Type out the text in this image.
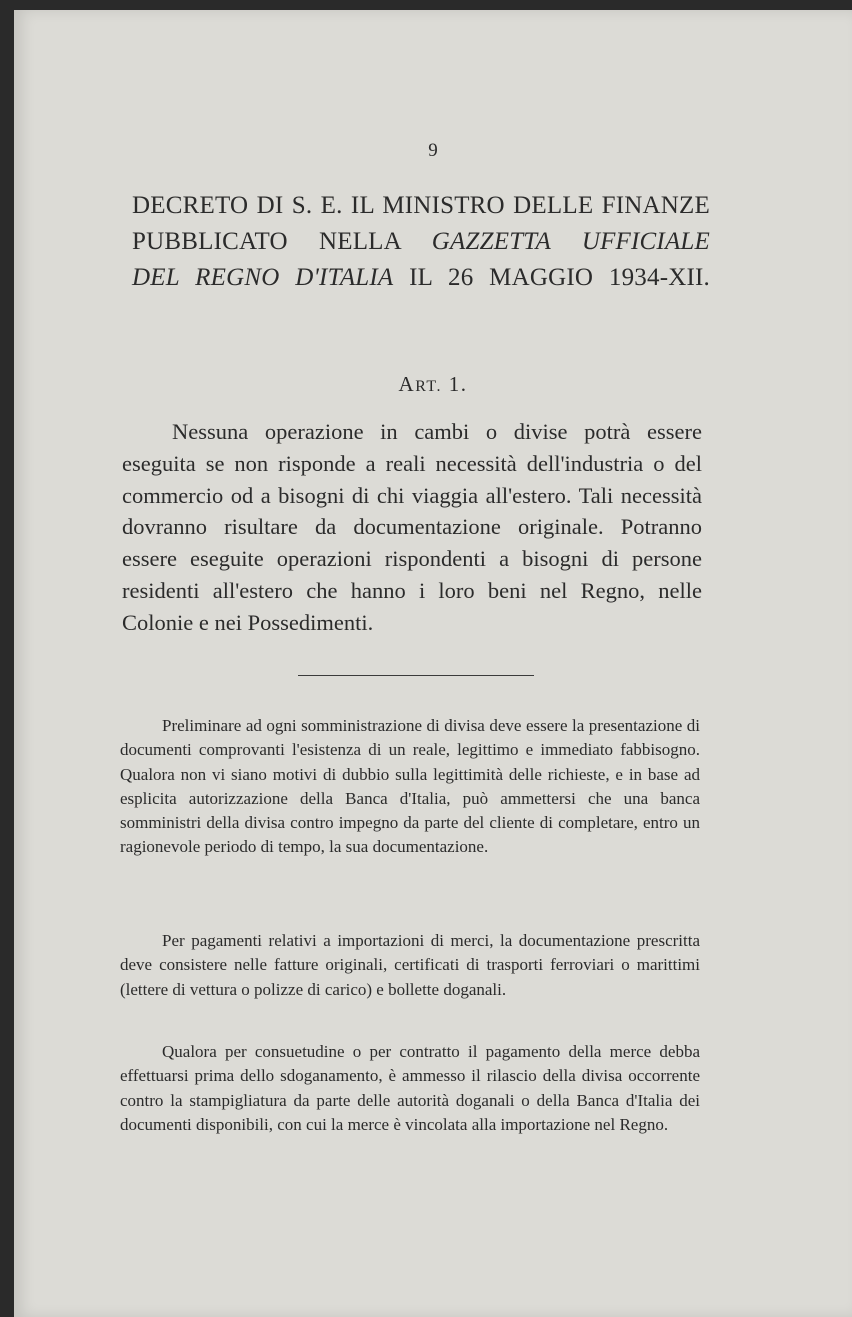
9

DECRETO DI S. E. IL MINISTRO DELLE FINANZE
PUBBLICATO NELLA GAZZETTA UFFICIALE
DEL REGNO D'ITALIA IL 26 MAGGIO 1934-XII.

ART. 1.

Nessuna operazione in cambi o divise potrà essere eseguita se non risponde a reali necessità dell'industria o del commercio od a bisogni di chi viaggia all'estero. Tali necessità dovranno risultare da documentazione originale. Potranno essere eseguite operazioni rispondenti a bisogni di persone residenti all'estero che hanno i loro beni nel Regno, nelle Colonie e nei Possedimenti.

Preliminare ad ogni somministrazione di divisa deve essere la presentazione di documenti comprovanti l'esistenza di un reale, legittimo e immediato fabbisogno. Qualora non vi siano motivi di dubbio sulla legittimità delle richieste, e in base ad esplicita autorizzazione della Banca d'Italia, può ammettersi che una banca somministri della divisa contro impegno da parte del cliente di completare, entro un ragionevole periodo di tempo, la sua documentazione.

Per pagamenti relativi a importazioni di merci, la documentazione prescritta deve consistere nelle fatture originali, certificati di trasporti ferroviari o marittimi (lettere di vettura o polizze di carico) e bollette doganali.

Qualora per consuetudine o per contratto il pagamento della merce debba effettuarsi prima dello sdoganamento, è ammesso il rilascio della divisa occorrente contro la stampigliatura da parte delle autorità doganali o della Banca d'Italia dei documenti disponibili, con cui la merce è vincolata alla importazione nel Regno.
